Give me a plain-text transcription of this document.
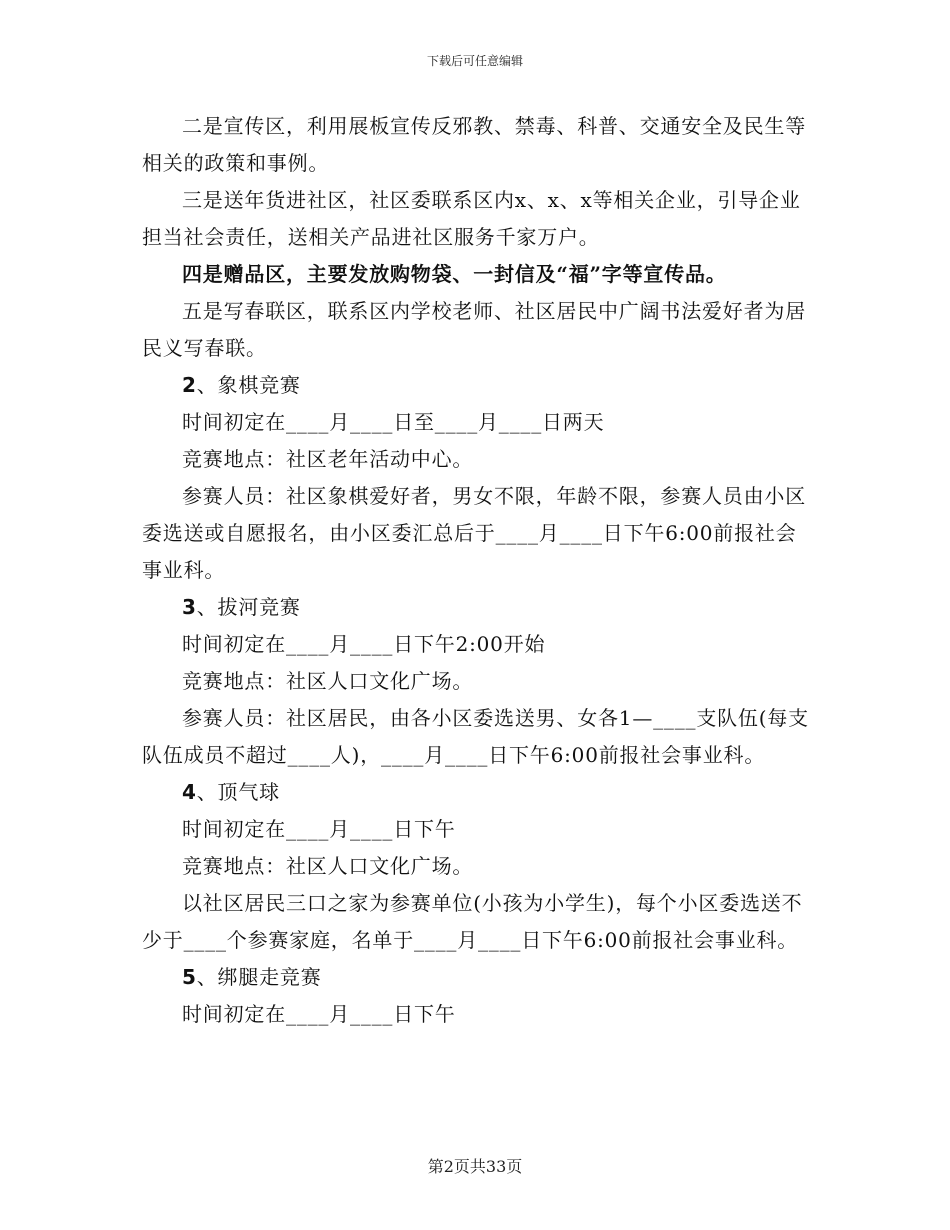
下载后可任意编辑

二是宣传区，利用展板宣传反邪教、禁毒、科普、交通安全及民生等相关的政策和事例。

三是送年货进社区，社区委联系区内x、x、x等相关企业，引导企业担当社会责任，送相关产品进社区服务千家万户。

四是赠品区，主要发放购物袋、一封信及“福”字等宣传品。

五是写春联区，联系区内学校老师、社区居民中广阔书法爱好者为居民义写春联。

2、象棋竞赛

时间初定在____月____日至____月____日两天

竞赛地点：社区老年活动中心。

参赛人员：社区象棋爱好者，男女不限，年龄不限，参赛人员由小区委选送或自愿报名，由小区委汇总后于____月____日下午6:00前报社会事业科。

3、拔河竞赛

时间初定在____月____日下午2:00开始

竞赛地点：社区人口文化广场。

参赛人员：社区居民，由各小区委选送男、女各1—____支队伍(每支队伍成员不超过____人)，____月____日下午6:00前报社会事业科。

4、顶气球

时间初定在____月____日下午

竞赛地点：社区人口文化广场。

以社区居民三口之家为参赛单位(小孩为小学生)，每个小区委选送不少于____个参赛家庭，名单于____月____日下午6:00前报社会事业科。

5、绑腿走竞赛

时间初定在____月____日下午

第2页共33页
